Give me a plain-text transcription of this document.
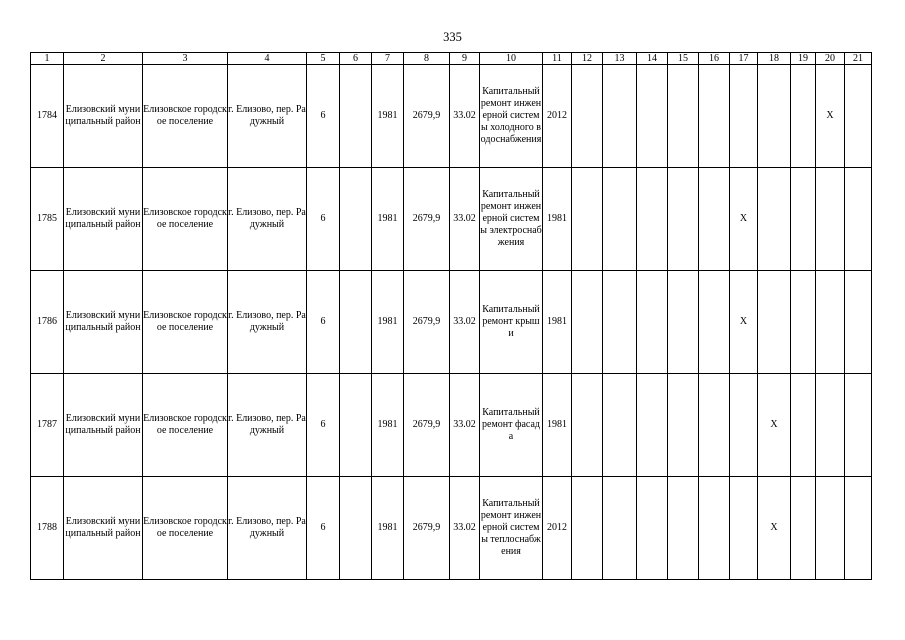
335
1	2	3	4	5	6	7	8	9	10	11	12	13	14	15	16	17	18	19	20	21
1784	Елизовский муниципальный район	Елизовское городское поселение	г. Елизово, пер. Радужный	6		1981	2679,9	33.02	Капитальный ремонт инженерной системы холодного водоснабжения	2012									X	
1785	Елизовский муниципальный район	Елизовское городское поселение	г. Елизово, пер. Радужный	6		1981	2679,9	33.02	Капитальный ремонт инженерной системы электроснабжения	1981						X				
1786	Елизовский муниципальный район	Елизовское городское поселение	г. Елизово, пер. Радужный	6		1981	2679,9	33.02	Капитальный ремонт крыши	1981						X				
1787	Елизовский муниципальный район	Елизовское городское поселение	г. Елизово, пер. Радужный	6		1981	2679,9	33.02	Капитальный ремонт фасада	1981							X			
1788	Елизовский муниципальный район	Елизовское городское поселение	г. Елизово, пер. Радужный	6		1981	2679,9	33.02	Капитальный ремонт инженерной системы теплоснабжения	2012							X			
